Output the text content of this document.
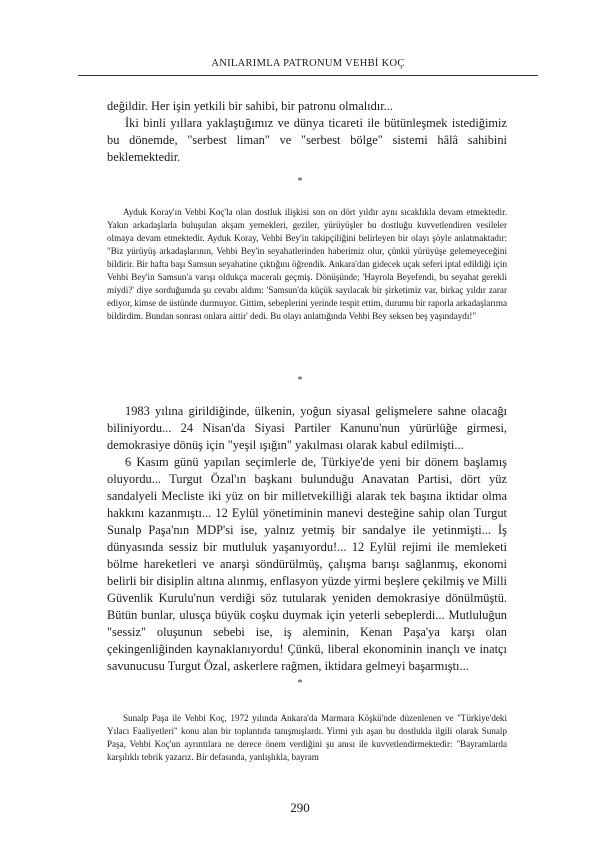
ANILARIMLA PATRONUM VEHBİ KOÇ

değildir. Her işin yetkili bir sahibi, bir patronu olmalıdır...

İki binli yıllara yaklaştığımız ve dünya ticareti ile bütünleşmek istediğimiz bu dönemde, "serbest liman" ve "serbest bölge" sistemi hâlâ sahibini beklemektedir.

*

Ayduk Koray'ın Vehbi Koç'la olan dostluk ilişkisi son on dört yıldır aynı sıcaklıkla devam etmektedir. Yakın arkadaşlarla buluşulan akşam yemekleri, geziler, yürüyüşler bu dostluğu kuvvetlendiren vesileler olmaya devam etmektedir. Ayduk Koray, Vehbi Bey'in takipçiliğini belirleyen bir olayı şöyle anlatmaktadır: "Biz yürüyüş arkadaşlarının, Vehbi Bey'in seyahatlerinden haberimiz olur, çünkü yürüyüşe gelemeyeceğini bildirir. Bir hafta başı Samsun seyahatine çıktığını öğrendik. Ankara'dan gidecek uçak seferi iptal edildiği için Vehbi Bey'in Samsun'a varışı oldukça maceralı geçmiş. Dönüşünde; 'Hayrola Beyefendi, bu seyahat gerekli miydi?' diye sorduğumda şu cevabı aldım: 'Samsun'da küçük sayılacak bir şirketimiz var, birkaç yıldır zarar ediyor, kimse de üstünde durmuyor. Gittim, sebeplerini yerinde tespit ettim, durumu bir raporla arkadaşlarıma bildirdim. Bundan sonrası onlara aittir' dedi. Bu olayı anlattığında Vehbi Bey seksen beş yaşındaydı!"

*

1983 yılına girildiğinde, ülkenin, yoğun siyasal gelişmelere sahne olacağı biliniyordu... 24 Nisan'da Siyasi Partiler Kanunu'nun yürürlüğe girmesi, demokrasiye dönüş için "yeşil ışığın" yakılması olarak kabul edilmişti...

6 Kasım günü yapılan seçimlerle de, Türkiye'de yeni bir dönem başlamış oluyordu... Turgut Özal'ın başkanı bulunduğu Anavatan Partisi, dört yüz sandalyeli Mecliste iki yüz on bir milletvekilliği alarak tek başına iktidar olma hakkını kazanmıştı... 12 Eylül yönetiminin manevi desteğine sahip olan Turgut Sunalp Paşa'nın MDP'si ise, yalnız yetmiş bir sandalye ile yetinmişti... İş dünyasında sessiz bir mutluluk yaşanıyordu!... 12 Eylül rejimi ile memleketi bölme hareketleri ve anarşi söndürülmüş, çalışma barışı sağlanmış, ekonomi belirli bir disiplin altına alınmış, enflasyon yüzde yirmi beşlere çekilmiş ve Milli Güvenlik Kurulu'nun verdiği söz tutularak yeniden demokrasiye dönülmüştü. Bütün bunlar, ulusça büyük coşku duymak için yeterli sebeplerdi... Mutluluğun "sessiz" oluşunun sebebi ise, iş aleminin, Kenan Paşa'ya karşı olan çekingenliğinden kaynaklanıyordu! Çünkü, liberal ekonominin inançlı ve inatçı savunucusu Turgut Özal, askerlere rağmen, iktidara gelmeyi başarmıştı...

*

Sunalp Paşa ile Vehbi Koç, 1972 yılında Ankara'da Marmara Köşkü'nde düzenlenen ve "Türkiye'deki Yılacı Faaliyetleri" konu alan bir toplantıda tanışmışlardı. Yirmi yılı aşan bu dostlukla ilgili olarak Sunalp Paşa, Vehbi Koç'un ayrıntılara ne derece önem verdiğini şu anısı ile kuvvetlendirmektedir: "Bayramlarda karşılıklı tebrik yazarız. Bir defasında, yanlışlıkla, bayram

290
